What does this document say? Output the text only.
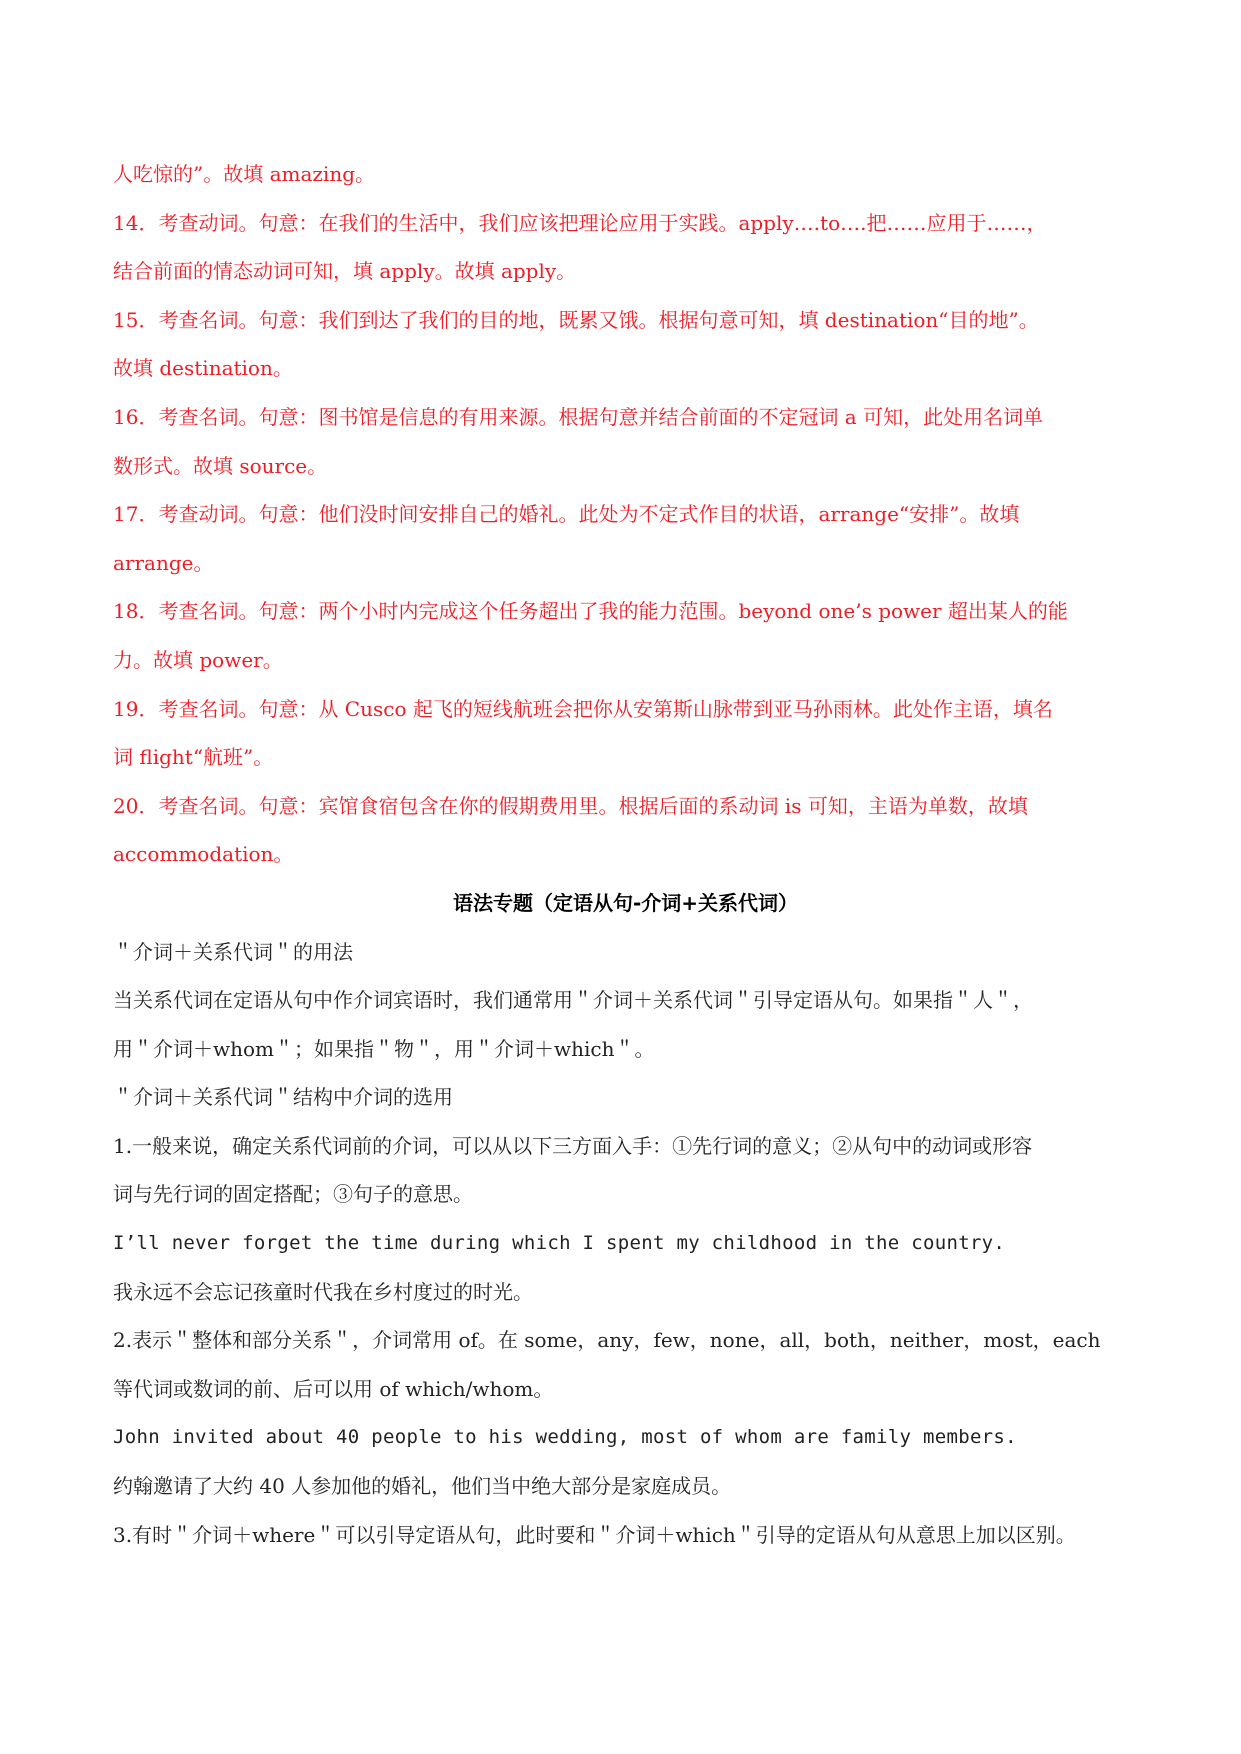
人吃惊的”。故填 amazing。
14．考查动词。句意：在我们的生活中，我们应该把理论应用于实践。apply….to….把……应用于……，
结合前面的情态动词可知，填 apply。故填 apply。
15．考查名词。句意：我们到达了我们的目的地，既累又饿。根据句意可知，填 destination“目的地”。
故填 destination。
16．考查名词。句意：图书馆是信息的有用来源。根据句意并结合前面的不定冠词 a 可知，此处用名词单
数形式。故填 source。
17．考查动词。句意：他们没时间安排自己的婚礼。此处为不定式作目的状语，arrange“安排”。故填
arrange。
18．考查名词。句意：两个小时内完成这个任务超出了我的能力范围。beyond one’s power 超出某人的能
力。故填 power。
19．考查名词。句意：从 Cusco 起飞的短线航班会把你从安第斯山脉带到亚马孙雨林。此处作主语，填名
词 flight“航班”。
20．考查名词。句意：宾馆食宿包含在你的假期费用里。根据后面的系动词 is 可知，主语为单数，故填
accommodation。
语法专题（定语从句-介词+关系代词）
＂介词＋关系代词＂的用法
当关系代词在定语从句中作介词宾语时，我们通常用＂介词＋关系代词＂引导定语从句。如果指＂人＂，
用＂介词＋whom＂；如果指＂物＂，用＂介词＋which＂。
＂介词＋关系代词＂结构中介词的选用
1.一般来说，确定关系代词前的介词，可以从以下三方面入手：①先行词的意义；②从句中的动词或形容
词与先行词的固定搭配；③句子的意思。
I’ll never forget the time during which I spent my childhood in the country.
我永远不会忘记孩童时代我在乡村度过的时光。
2.表示＂整体和部分关系＂，介词常用 of。在 some，any，few，none，all，both，neither，most，each
等代词或数词的前、后可以用 of which/whom。
John invited about 40 people to his wedding, most of whom are family members.
约翰邀请了大约 40 人参加他的婚礼，他们当中绝大部分是家庭成员。
3.有时＂介词＋where＂可以引导定语从句，此时要和＂介词＋which＂引导的定语从句从意思上加以区别。
